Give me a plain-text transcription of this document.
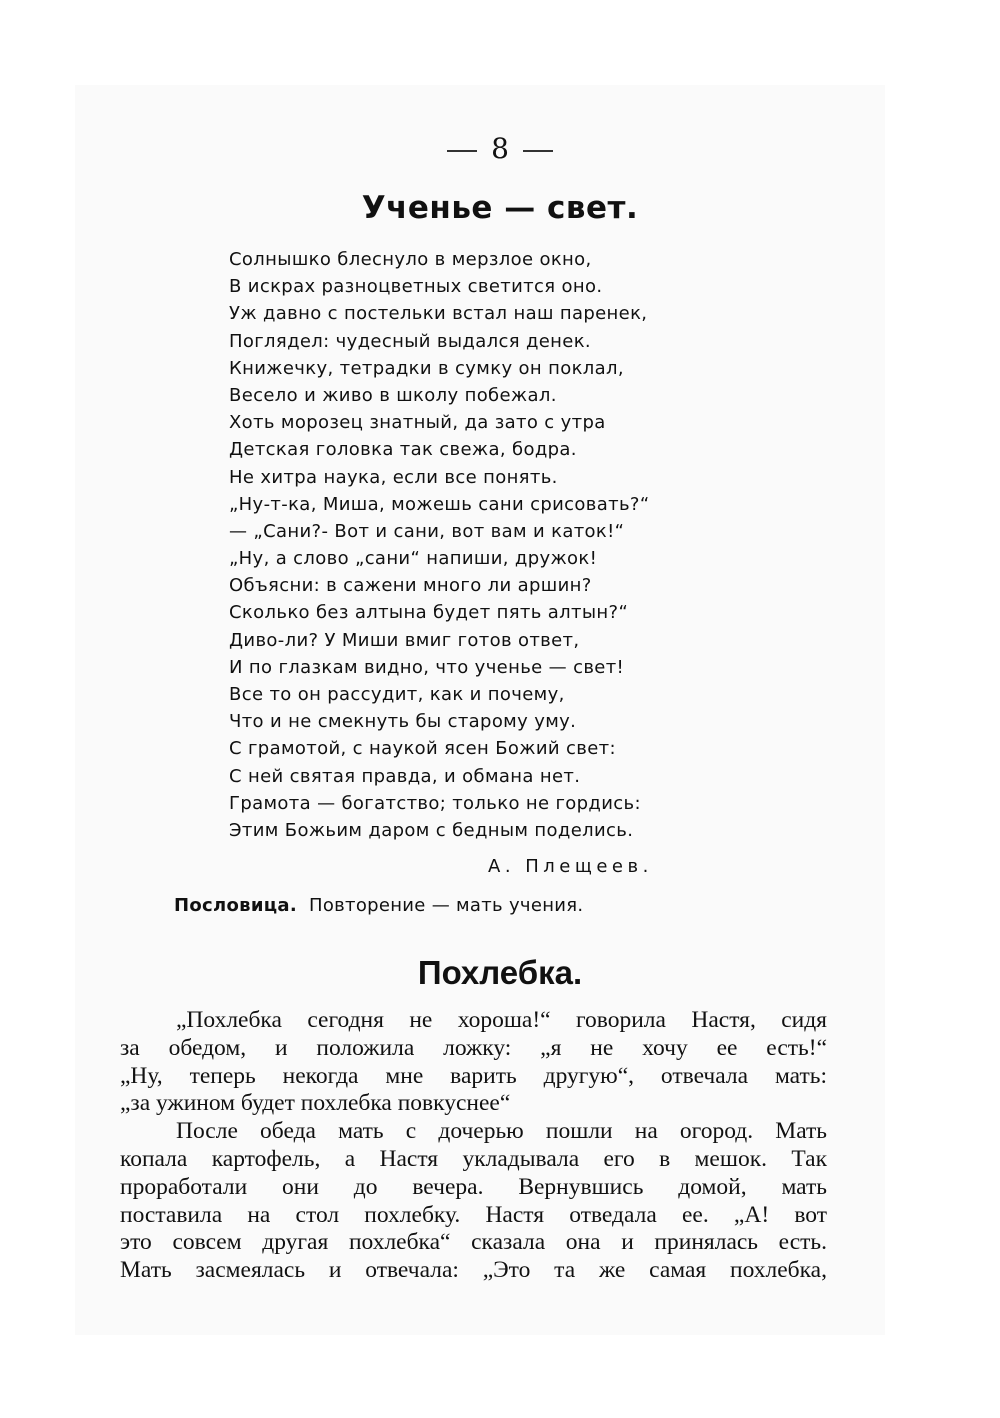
8
Ученье — свет.
Солнышко блеснуло в мерзлое окно,
В искрах разноцветных светится оно.
Уж давно с постельки встал наш паренек,
Поглядел: чудесный выдался денек.
Книжечку, тетрадки в сумку он поклал,
Весело и живо в школу побежал.
Хоть морозец знатный, да зато с утра
Детская головка так свежа, бодра.
Не хитра наука, если все понять.
„Ну-т-ка, Миша, можешь сани срисовать?“
— „Сани?- Вот и сани, вот вам и каток!“
„Ну, а слово „сани“ напиши, дружок!
Объясни: в сажени много ли аршин?
Сколько без алтына будет пять алтын?“
Диво-ли? У Миши вмиг готов ответ,
И по глазкам видно, что ученье — свет!
Все то он рассудит, как и почему,
Что и не смекнуть бы старому уму.
С грамотой, с наукой ясен Божий свет:
С ней святая правда, и обмана нет.
Грамота — богатство; только не гордись:
Этим Божьим даром с бедным поделись.
А. Плещеев.
Пословица. Повторение — мать учения.
Похлебка.
„Похлебка сегодня не хороша!“ говорила Настя, сидя
за обедом, и положила ложку: „я не хочу ее есть!“
„Ну, теперь некогда мне варить другую“, отвечала мать:
„за ужином будет похлебка повкуснее“
После обеда мать с дочерью пошли на огород. Мать
копала картофель, а Настя укладывала его в мешок. Так
проработали они до вечера. Вернувшись домой, мать
поставила на стол похлебку. Настя отведала ее. „А! вот
это совсем другая похлебка“ сказала она и принялась есть.
Мать засмеялась и отвечала: „Это та же самая похлебка,
